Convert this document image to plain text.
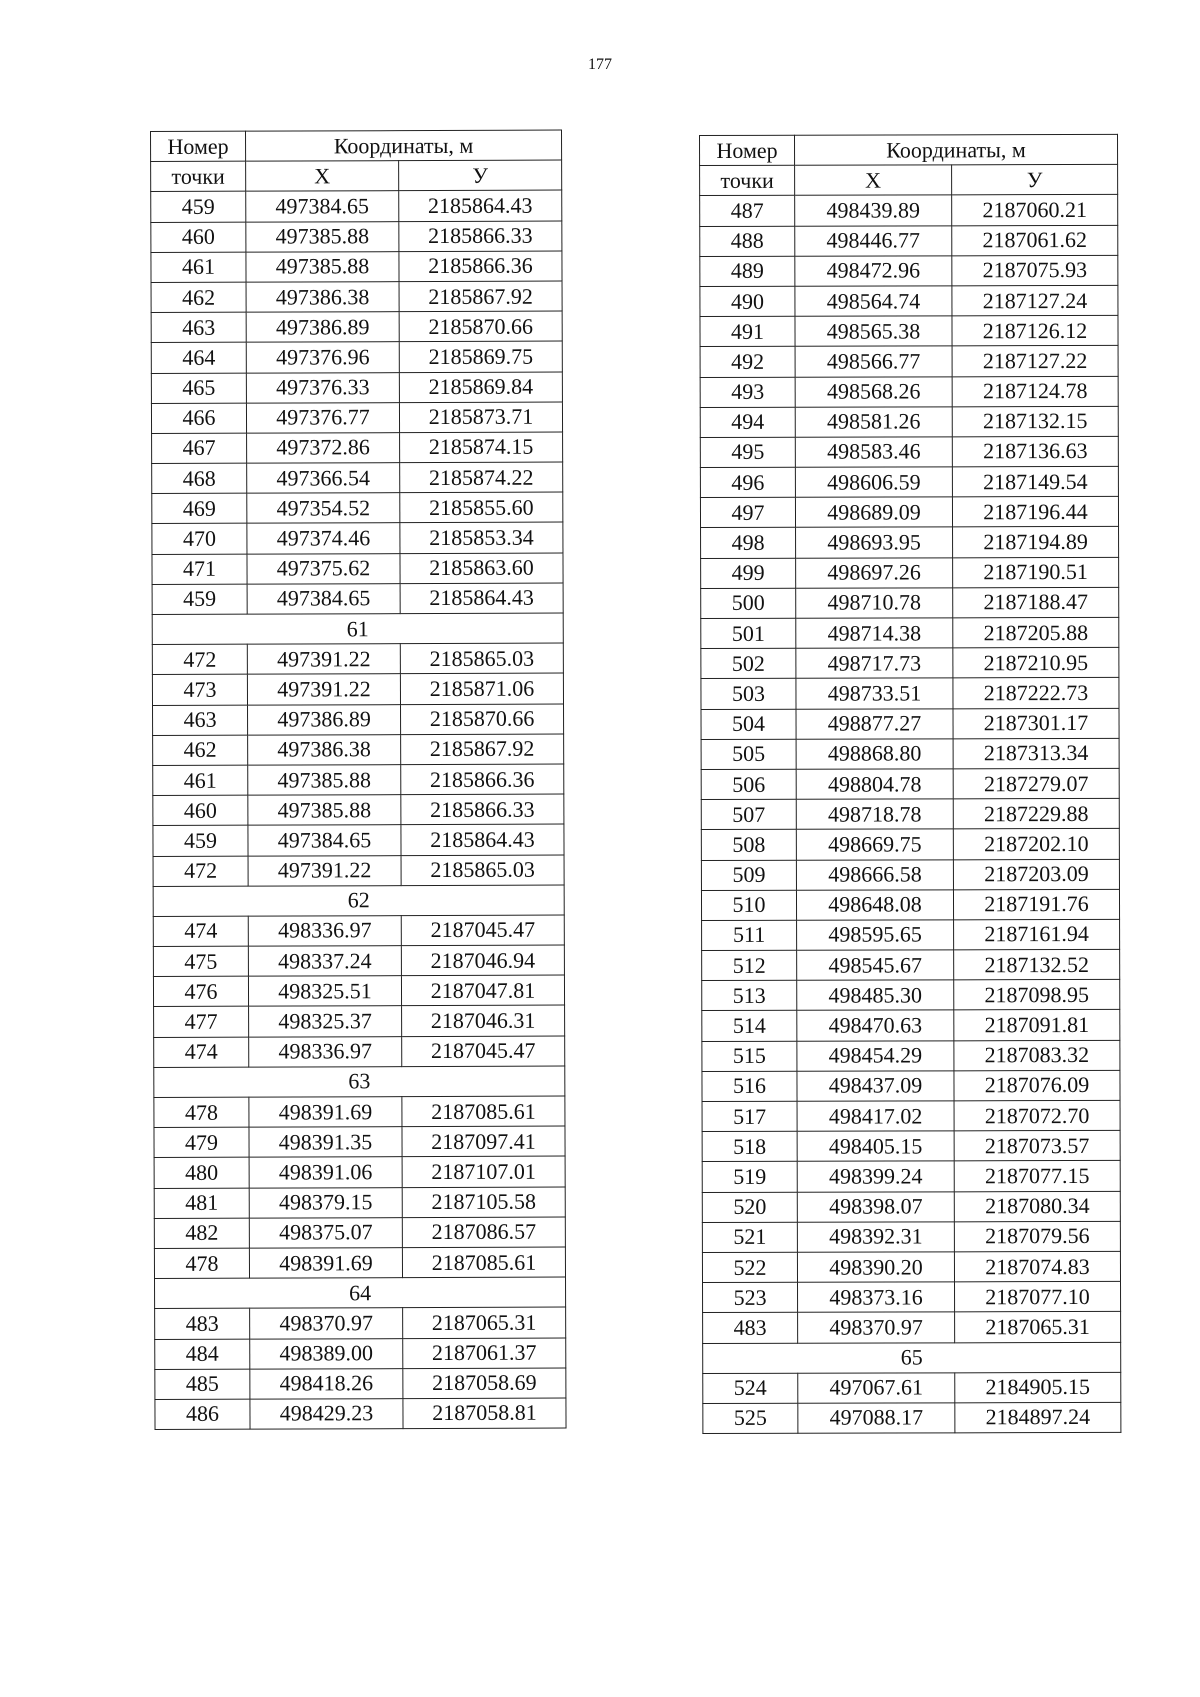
177
Номер	Координаты, м	
точки	X	У
459	497384.65	2185864.43
460	497385.88	2185866.33
461	497385.88	2185866.36
462	497386.38	2185867.92
463	497386.89	2185870.66
464	497376.96	2185869.75
465	497376.33	2185869.84
466	497376.77	2185873.71
467	497372.86	2185874.15
468	497366.54	2185874.22
469	497354.52	2185855.60
470	497374.46	2185853.34
471	497375.62	2185863.60
459	497384.65	2185864.43
61		
472	497391.22	2185865.03
473	497391.22	2185871.06
463	497386.89	2185870.66
462	497386.38	2185867.92
461	497385.88	2185866.36
460	497385.88	2185866.33
459	497384.65	2185864.43
472	497391.22	2185865.03
62		
474	498336.97	2187045.47
475	498337.24	2187046.94
476	498325.51	2187047.81
477	498325.37	2187046.31
474	498336.97	2187045.47
63		
478	498391.69	2187085.61
479	498391.35	2187097.41
480	498391.06	2187107.01
481	498379.15	2187105.58
482	498375.07	2187086.57
478	498391.69	2187085.61
64		
483	498370.97	2187065.31
484	498389.00	2187061.37
485	498418.26	2187058.69
486	498429.23	2187058.81
Номер	Координаты, м	
точки	X	У
487	498439.89	2187060.21
488	498446.77	2187061.62
489	498472.96	2187075.93
490	498564.74	2187127.24
491	498565.38	2187126.12
492	498566.77	2187127.22
493	498568.26	2187124.78
494	498581.26	2187132.15
495	498583.46	2187136.63
496	498606.59	2187149.54
497	498689.09	2187196.44
498	498693.95	2187194.89
499	498697.26	2187190.51
500	498710.78	2187188.47
501	498714.38	2187205.88
502	498717.73	2187210.95
503	498733.51	2187222.73
504	498877.27	2187301.17
505	498868.80	2187313.34
506	498804.78	2187279.07
507	498718.78	2187229.88
508	498669.75	2187202.10
509	498666.58	2187203.09
510	498648.08	2187191.76
511	498595.65	2187161.94
512	498545.67	2187132.52
513	498485.30	2187098.95
514	498470.63	2187091.81
515	498454.29	2187083.32
516	498437.09	2187076.09
517	498417.02	2187072.70
518	498405.15	2187073.57
519	498399.24	2187077.15
520	498398.07	2187080.34
521	498392.31	2187079.56
522	498390.20	2187074.83
523	498373.16	2187077.10
483	498370.97	2187065.31
65		
524	497067.61	2184905.15
525	497088.17	2184897.24
